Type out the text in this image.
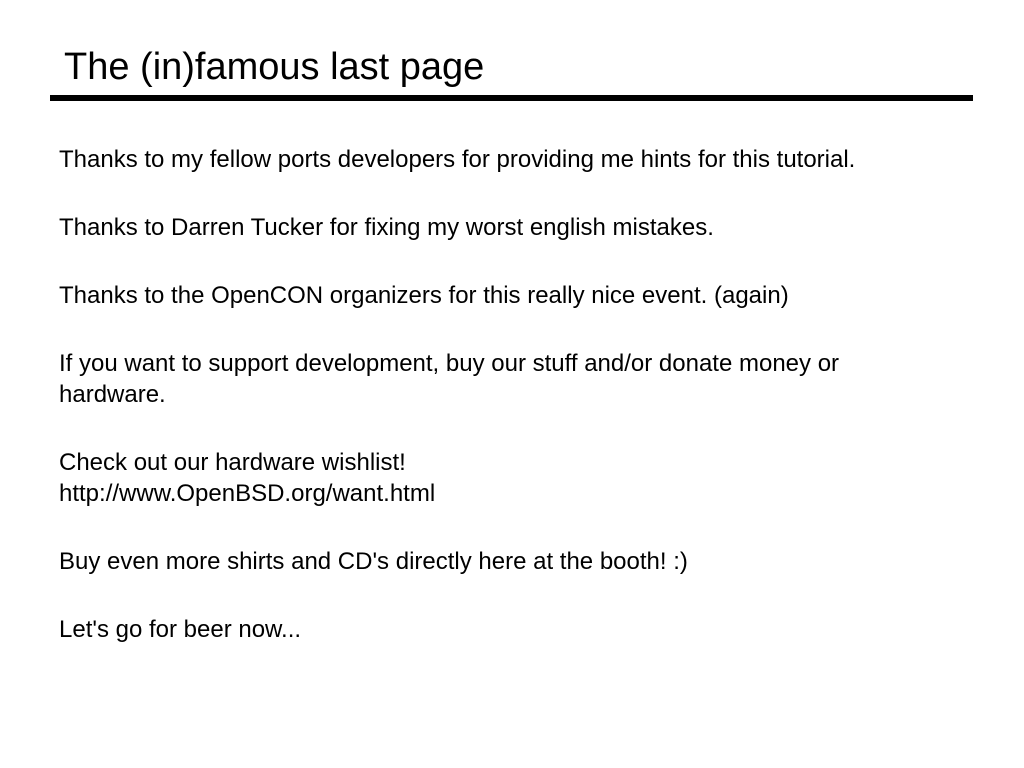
The (in)famous last page

Thanks to my fellow ports developers for providing me hints for this tutorial.

Thanks to Darren Tucker for fixing my worst english mistakes.

Thanks to the OpenCON organizers for this really nice event. (again)

If you want to support development, buy our stuff and/or donate money or
hardware.

Check out our hardware wishlist!
http://www.OpenBSD.org/want.html

Buy even more shirts and CD's directly here at the booth! :)

Let's go for beer now...
